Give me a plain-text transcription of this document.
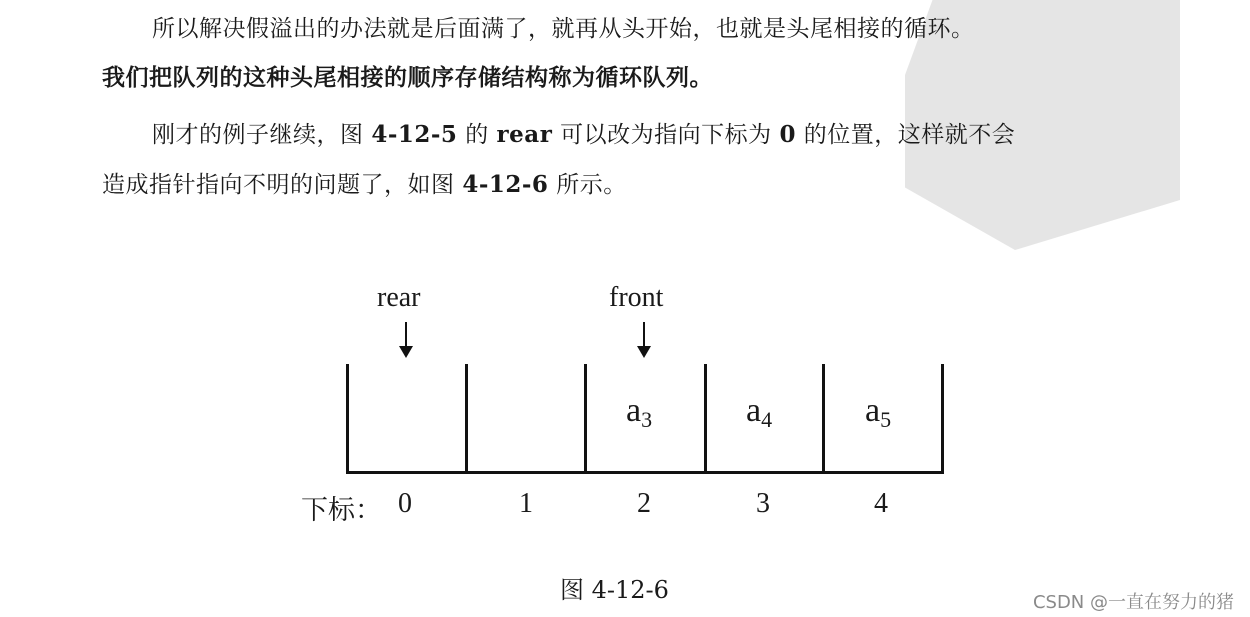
所以解决假溢出的办法就是后面满了，就再从头开始，也就是头尾相接的循环。
我们把队列的这种头尾相接的顺序存储结构称为循环队列。
刚才的例子继续，图 4-12-5 的 rear 可以改为指向下标为 0 的位置，这样就不会
造成指针指向不明的问题了，如图 4-12-6 所示。
rear	front
$a_3$	$a_4$	$a_5$
下标： 0	1	2	3	4
图 4-12-6	CSDN @一直在努力的猪
